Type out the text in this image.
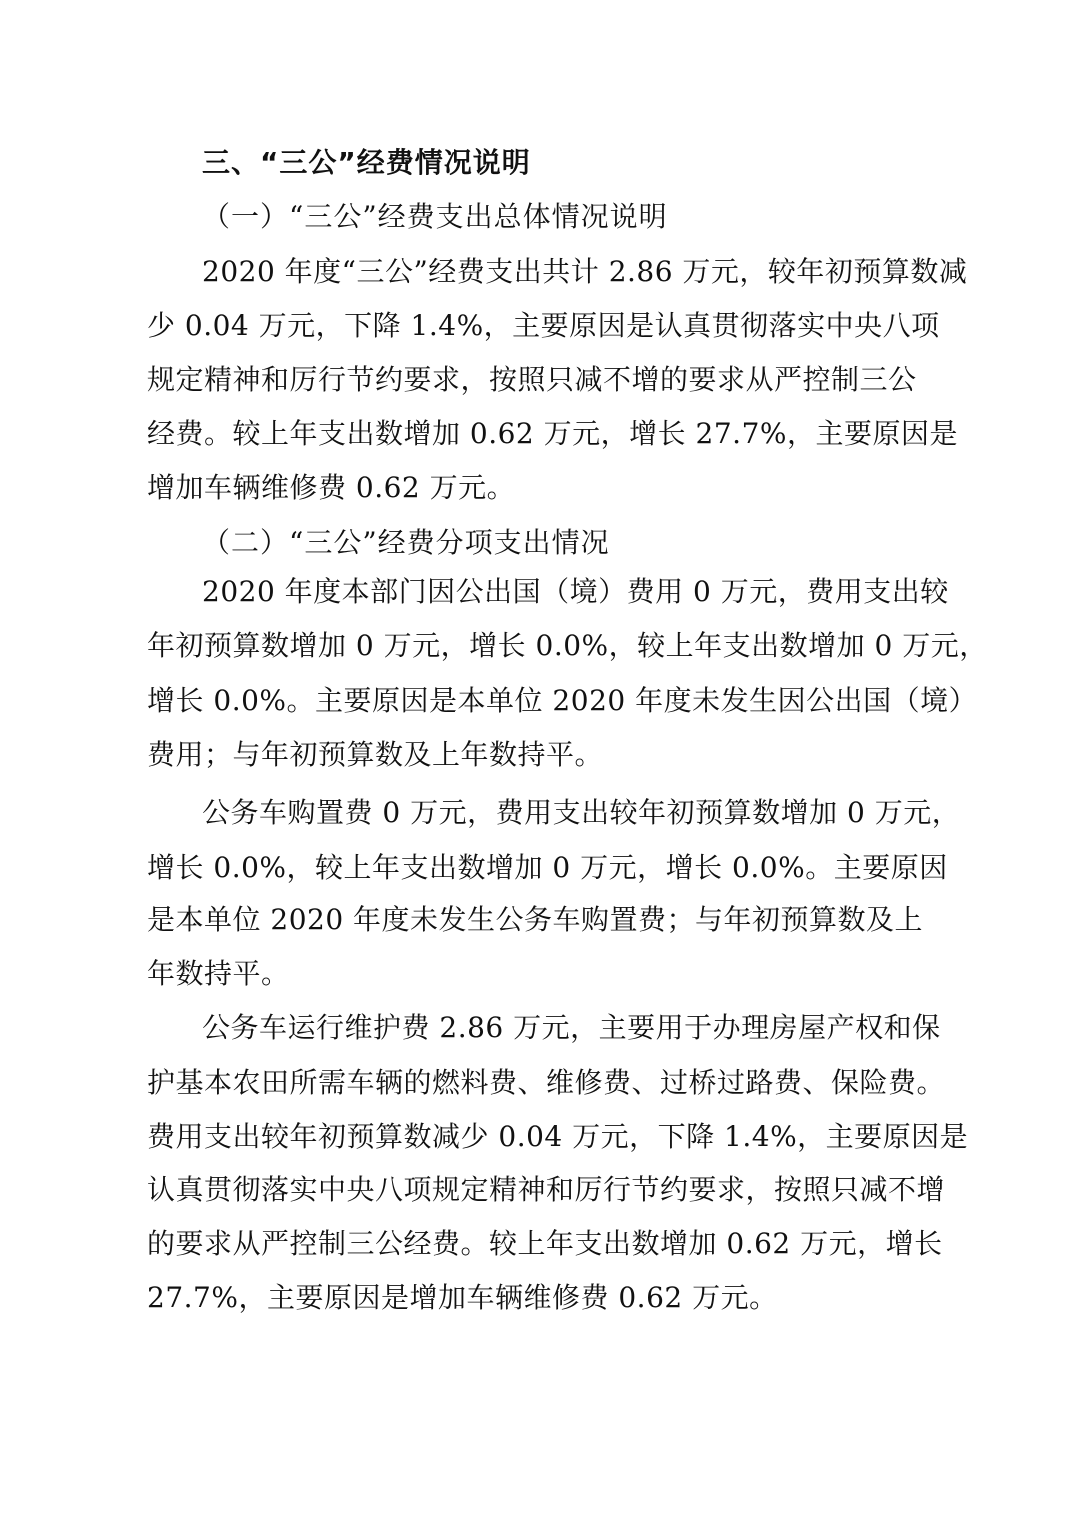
三、“三公”经费情况说明
（一）“三公”经费支出总体情况说明
2020 年度“三公”经费支出共计 2.86 万元，较年初预算数减
少 0.04 万元，下降 1.4%，主要原因是认真贯彻落实中央八项
规定精神和厉行节约要求，按照只减不增的要求从严控制三公
经费。较上年支出数增加 0.62 万元，增长 27.7%，主要原因是
增加车辆维修费 0.62 万元。
（二）“三公”经费分项支出情况
2020 年度本部门因公出国（境）费用 0 万元，费用支出较
年初预算数增加 0 万元，增长 0.0%，较上年支出数增加 0 万元，
增长 0.0%。主要原因是本单位 2020 年度未发生因公出国（境）
费用；与年初预算数及上年数持平。
公务车购置费 0 万元，费用支出较年初预算数增加 0 万元，
增长 0.0%，较上年支出数增加 0 万元，增长 0.0%。主要原因
是本单位 2020 年度未发生公务车购置费；与年初预算数及上
年数持平。
公务车运行维护费 2.86 万元，主要用于办理房屋产权和保
护基本农田所需车辆的燃料费、维修费、过桥过路费、保险费。
费用支出较年初预算数减少 0.04 万元，下降 1.4%，主要原因是
认真贯彻落实中央八项规定精神和厉行节约要求，按照只减不增
的要求从严控制三公经费。较上年支出数增加 0.62 万元，增长
27.7%，主要原因是增加车辆维修费 0.62 万元。
